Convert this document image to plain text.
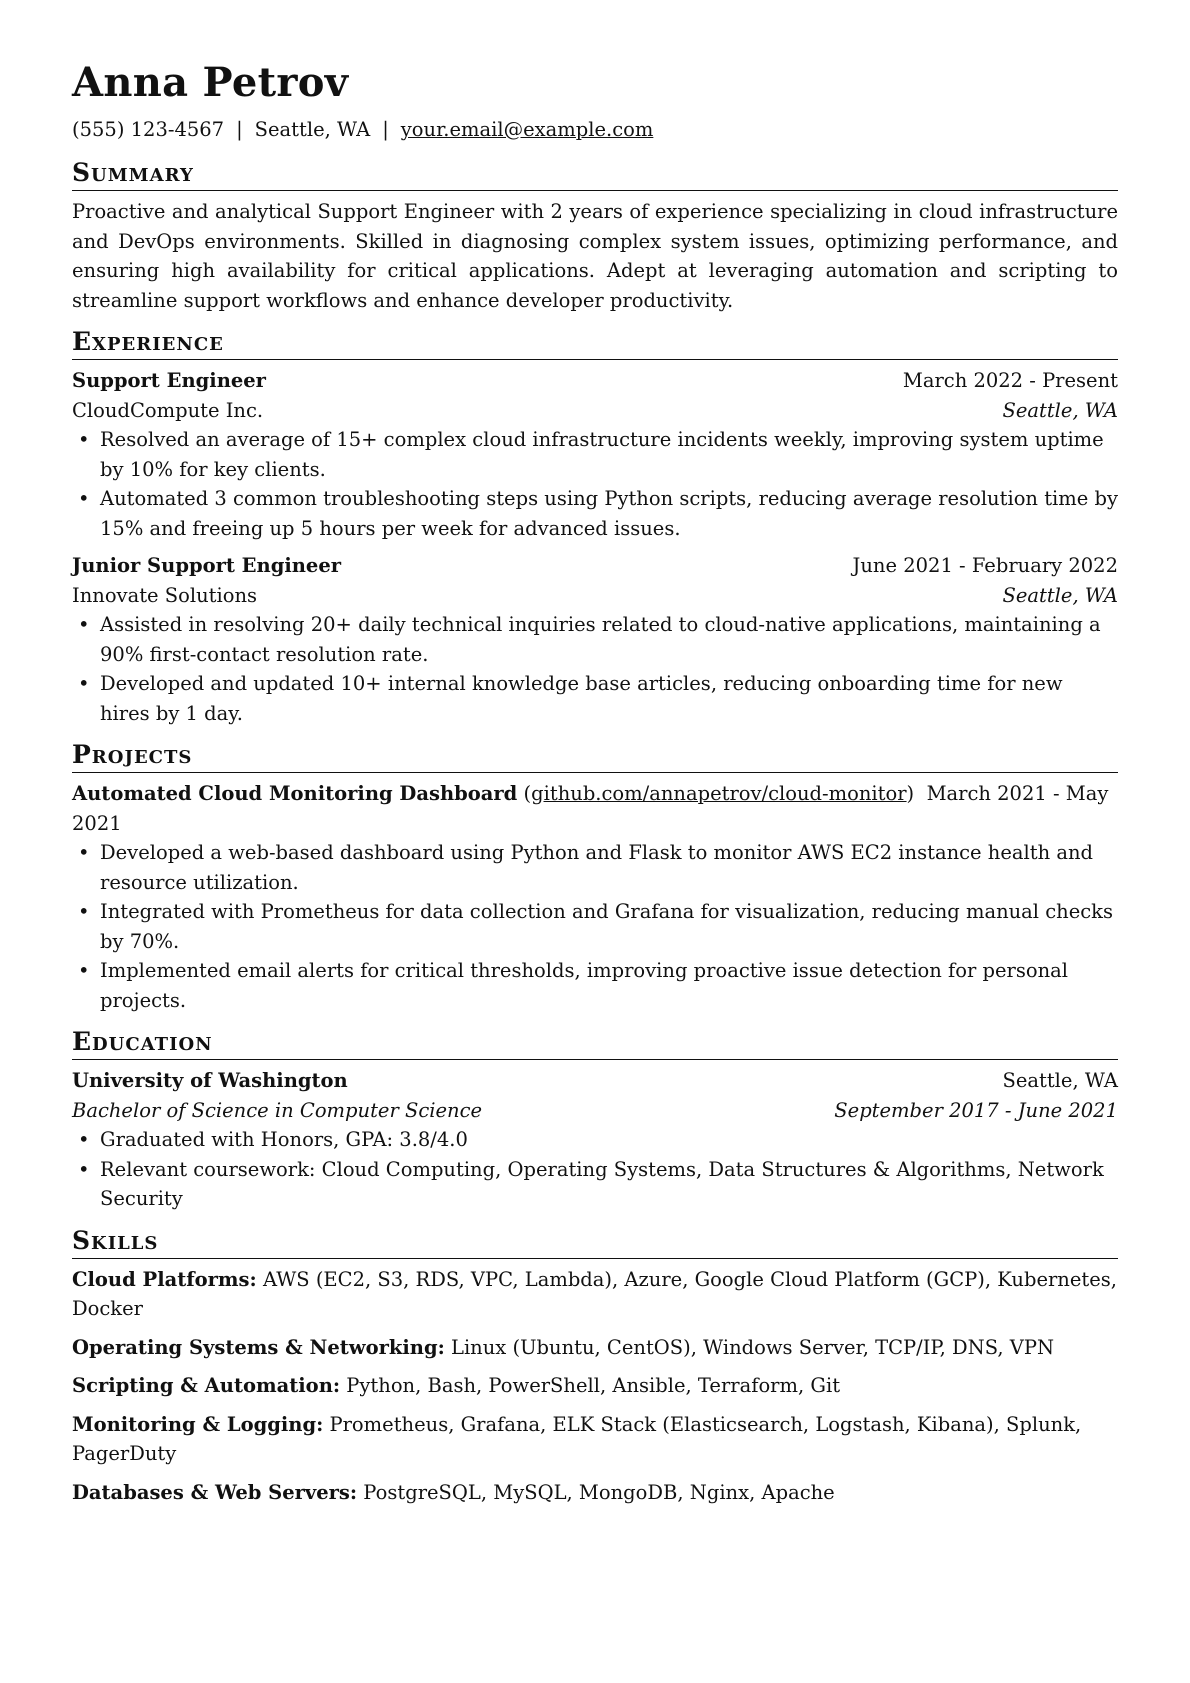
Anna Petrov
(555) 123-4567 | Seattle, WA | your.email@example.com
Summary

Proactive and analytical Support Engineer with 2 years of experience specializing in cloud infrastructure and DevOps environments. Skilled in diagnosing complex system issues, optimizing performance, and ensuring high availability for critical applications. Adept at leveraging automation and scripting to streamline support workflows and enhance developer productivity.

Experience
Support Engineer	March 2022 - Present
CloudCompute Inc.	Seattle, WA
• Resolved an average of 15+ complex cloud infrastructure incidents weekly, improving system uptime by 10% for key clients.
• Automated 3 common troubleshooting steps using Python scripts, reducing average resolution time by 15% and freeing up 5 hours per week for advanced issues.
Junior Support Engineer	June 2021 - February 2022
Innovate Solutions	Seattle, WA
• Assisted in resolving 20+ daily technical inquiries related to cloud-native applications, maintaining a 90% first-contact resolution rate.
• Developed and updated 10+ internal knowledge base articles, reducing onboarding time for new hires by 1 day.
Projects
Automated Cloud Monitoring Dashboard (github.com/annapetrov/cloud-monitor)  March 2021 - May 2021
• Developed a web-based dashboard using Python and Flask to monitor AWS EC2 instance health and resource utilization.
• Integrated with Prometheus for data collection and Grafana for visualization, reducing manual checks by 70%.
• Implemented email alerts for critical thresholds, improving proactive issue detection for personal projects.
Education
University of Washington	Seattle, WA
Bachelor of Science in Computer Science	September 2017 - June 2021
• Graduated with Honors, GPA: 3.8/4.0
• Relevant coursework: Cloud Computing, Operating Systems, Data Structures & Algorithms, Network Security
Skills
Cloud Platforms: AWS (EC2, S3, RDS, VPC, Lambda), Azure, Google Cloud Platform (GCP), Kubernetes, Docker
Operating Systems & Networking: Linux (Ubuntu, CentOS), Windows Server, TCP/IP, DNS, VPN
Scripting & Automation: Python, Bash, PowerShell, Ansible, Terraform, Git
Monitoring & Logging: Prometheus, Grafana, ELK Stack (Elasticsearch, Logstash, Kibana), Splunk, PagerDuty
Databases & Web Servers: PostgreSQL, MySQL, MongoDB, Nginx, Apache
